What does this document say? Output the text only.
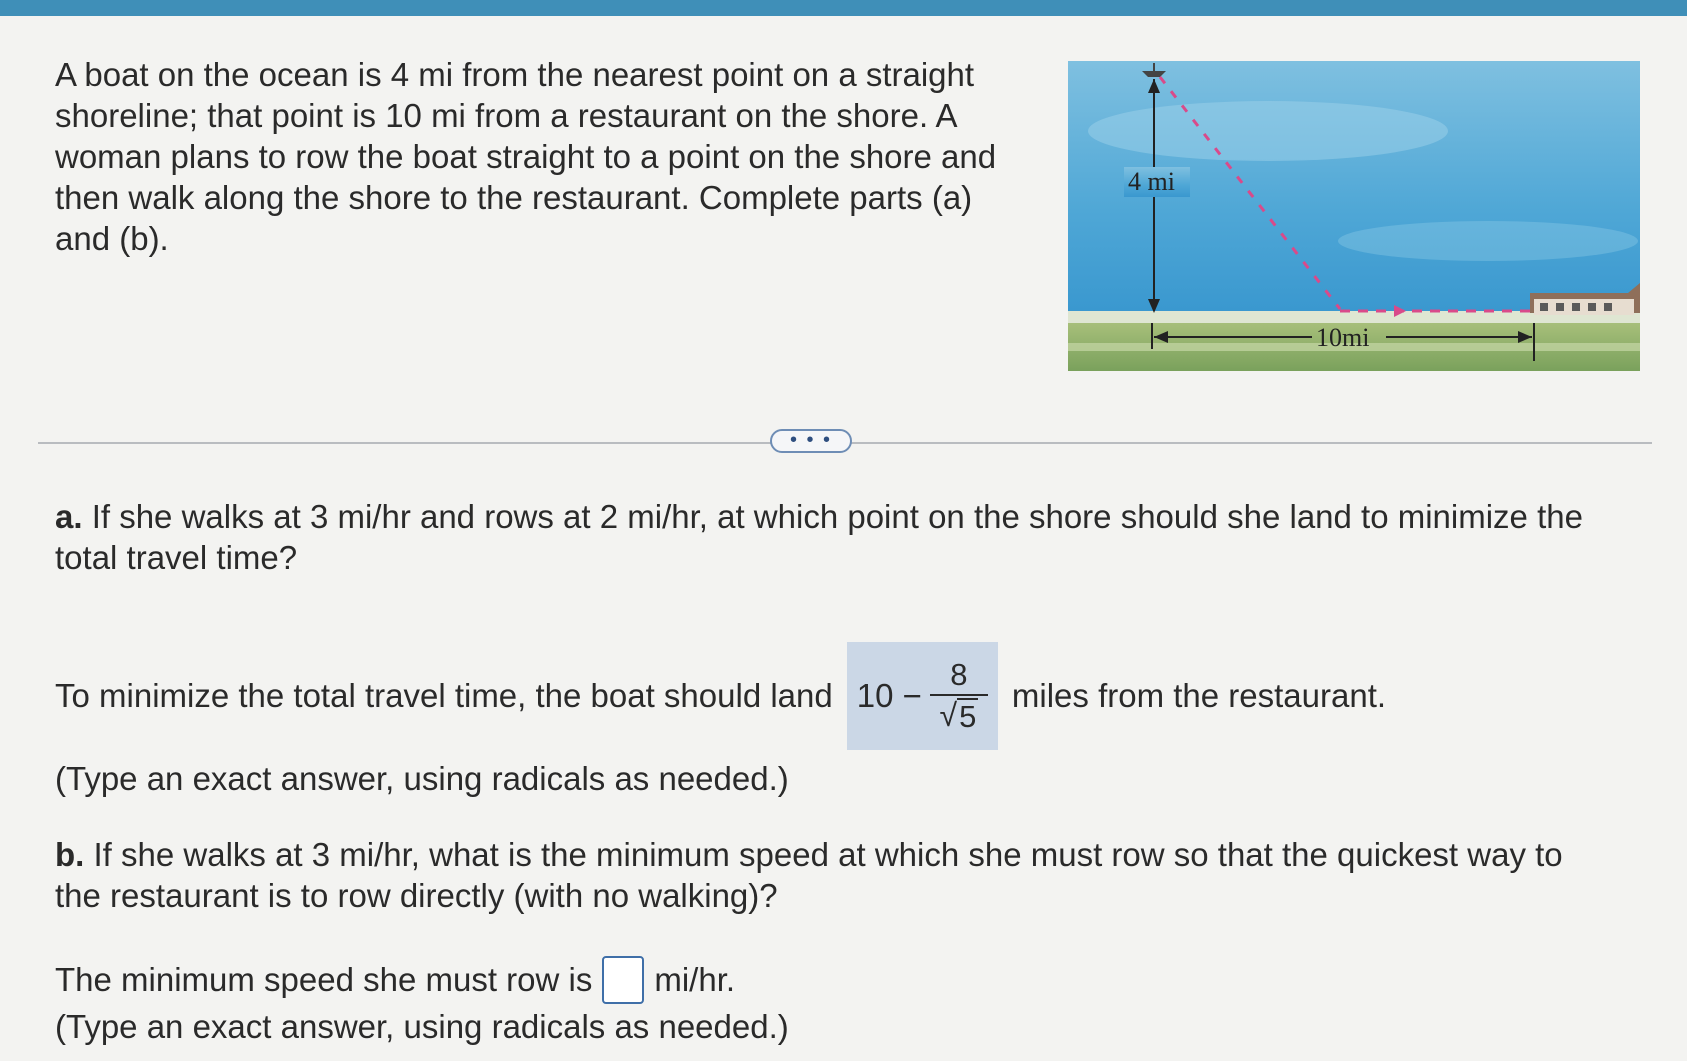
A boat on the ocean is 4 mi from the nearest point on a straight shoreline; that point is 10 mi from a restaurant on the shore. A woman plans to row the boat straight to a point on the shore and then walk along the shore to the restaurant. Complete parts (a) and (b).

4 mi
10mi
• • •

a. If she walks at 3 mi/hr and rows at 2 mi/hr, at which point on the shore should she land to minimize the total travel time?

To minimize the total travel time, the boat should land $10 - \frac{8}{√ 5}$ miles from the restaurant.
(Type an exact answer, using radicals as needed.)

b. If she walks at 3 mi/hr, what is the minimum speed at which she must row so that the quickest way to the restaurant is to row directly (with no walking)?

The minimum speed she must row is mi/hr.
(Type an exact answer, using radicals as needed.)
